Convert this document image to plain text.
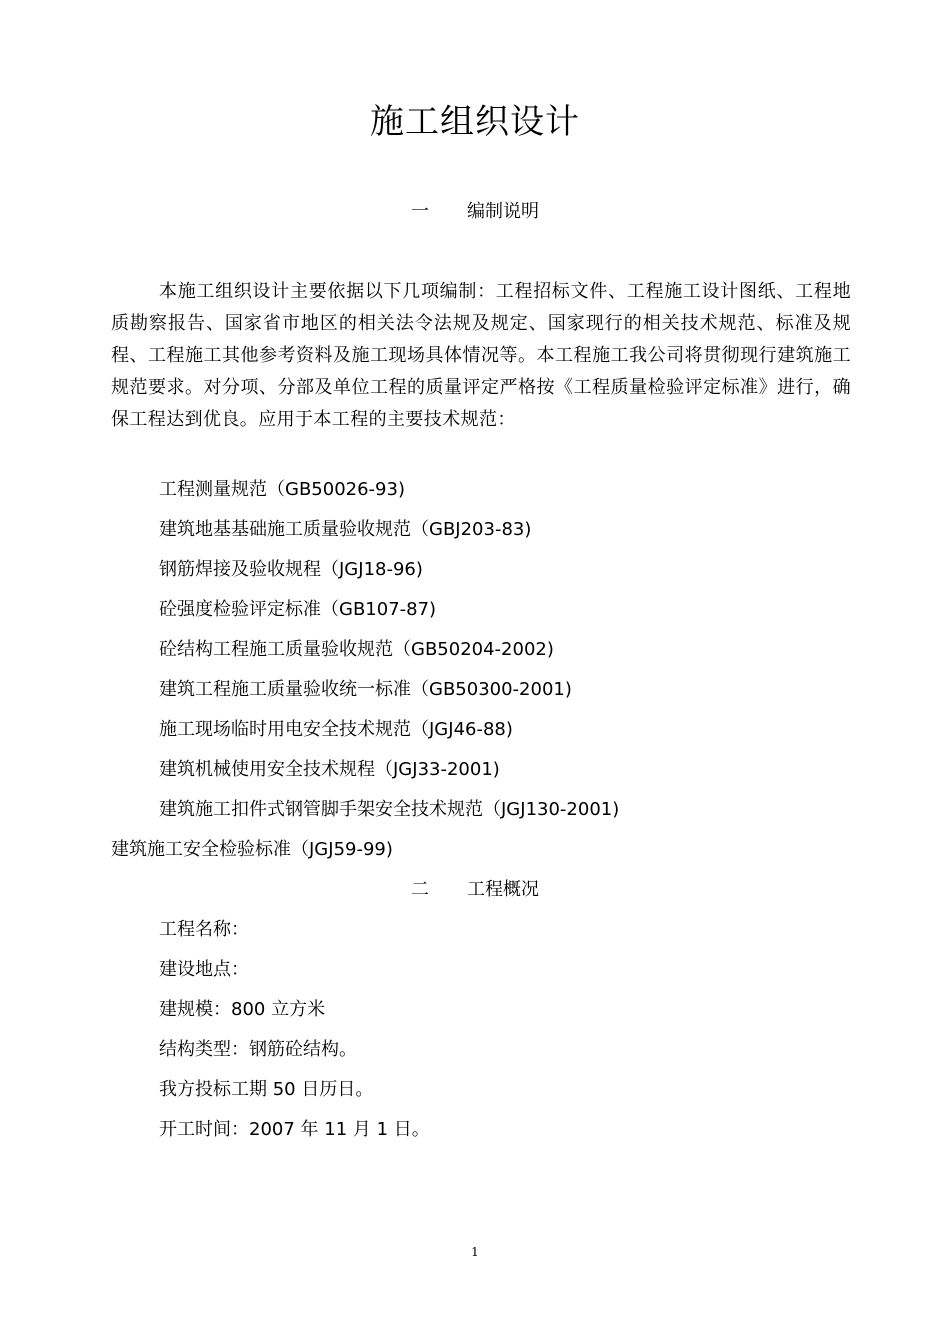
施工组织设计
一 编制说明
本施工组织设计主要依据以下几项编制：工程招标文件、工程施工设计图纸、工程地质勘察报告、国家省市地区的相关法令法规及规定、国家现行的相关技术规范、标准及规程、工程施工其他参考资料及施工现场具体情况等。本工程施工我公司将贯彻现行建筑施工规范要求。对分项、分部及单位工程的质量评定严格按《工程质量检验评定标准》进行，确保工程达到优良。应用于本工程的主要技术规范：
工程测量规范（GB50026-93)
建筑地基基础施工质量验收规范（GBJ203-83)
钢筋焊接及验收规程（JGJ18-96)
砼强度检验评定标准（GB107-87)
砼结构工程施工质量验收规范（GB50204-2002)
建筑工程施工质量验收统一标准（GB50300-2001)
施工现场临时用电安全技术规范（JGJ46-88)
建筑机械使用安全技术规程（JGJ33-2001)
建筑施工扣件式钢管脚手架安全技术规范（JGJ130-2001)
建筑施工安全检验标准（JGJ59-99)
二 工程概况
工程名称：
建设地点：
建规模：800 立方米
结构类型：钢筋砼结构。
我方投标工期 50 日历日。
开工时间：2007 年 11 月 1 日。
1
